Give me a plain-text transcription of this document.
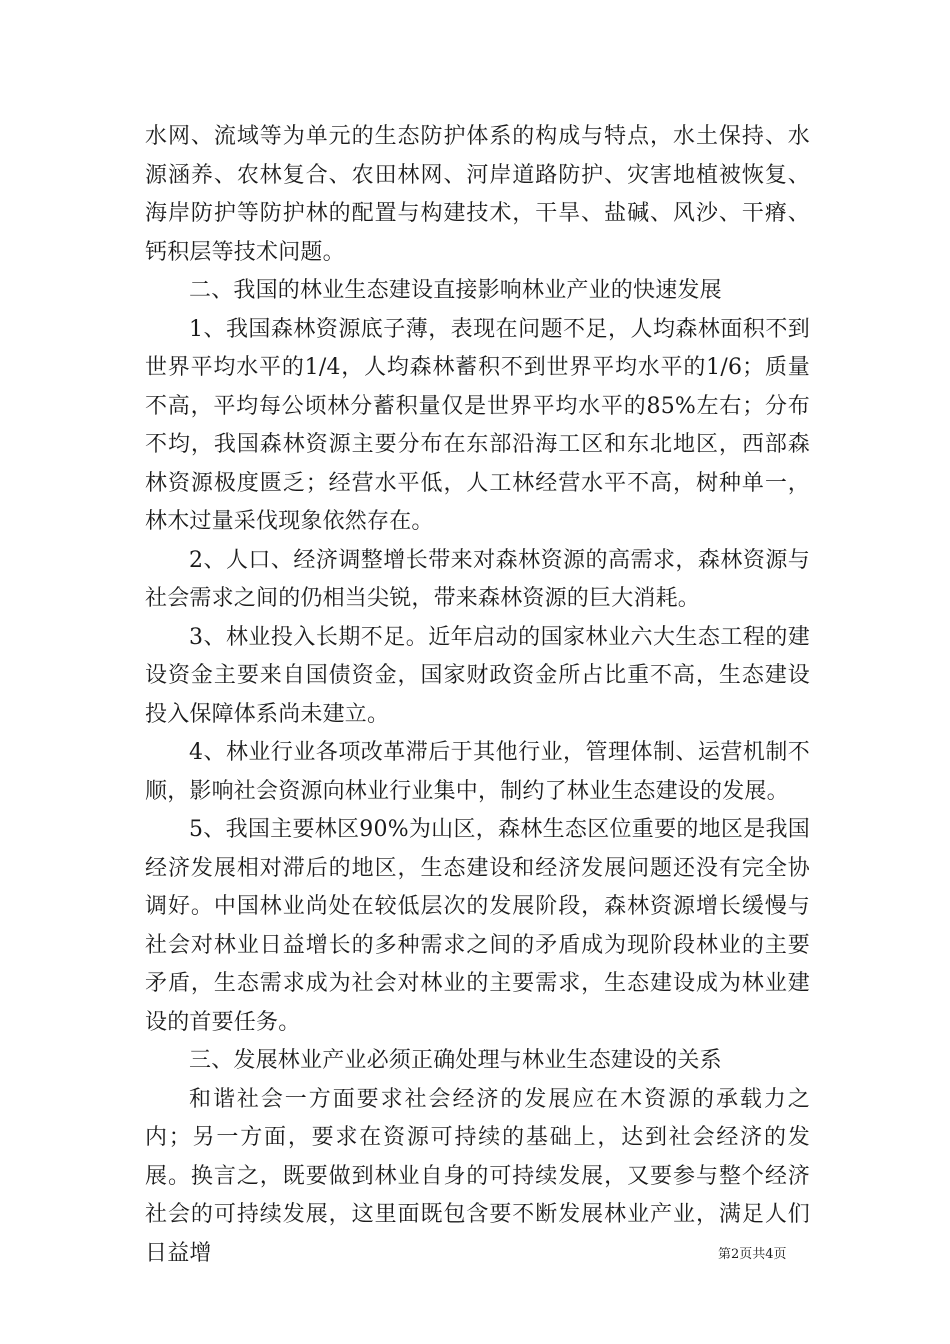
水网、流域等为单元的生态防护体系的构成与特点，水土保持、水源涵养、农林复合、农田林网、河岸道路防护、灾害地植被恢复、海岸防护等防护林的配置与构建技术，干旱、盐碱、风沙、干瘠、钙积层等技术问题。

二、我国的林业生态建设直接影响林业产业的快速发展

1、我国森林资源底子薄，表现在问题不足，人均森林面积不到世界平均水平的1/4，人均森林蓄积不到世界平均水平的1/6；质量不高，平均每公顷林分蓄积量仅是世界平均水平的85%左右；分布不均，我国森林资源主要分布在东部沿海工区和东北地区，西部森林资源极度匮乏；经营水平低，人工林经营水平不高，树种单一，林木过量采伐现象依然存在。

2、人口、经济调整增长带来对森林资源的高需求，森林资源与社会需求之间的仍相当尖锐，带来森林资源的巨大消耗。

3、林业投入长期不足。近年启动的国家林业六大生态工程的建设资金主要来自国债资金，国家财政资金所占比重不高，生态建设投入保障体系尚未建立。

4、林业行业各项改革滞后于其他行业，管理体制、运营机制不顺，影响社会资源向林业行业集中，制约了林业生态建设的发展。

5、我国主要林区90%为山区，森林生态区位重要的地区是我国经济发展相对滞后的地区，生态建设和经济发展问题还没有完全协调好。中国林业尚处在较低层次的发展阶段，森林资源增长缓慢与社会对林业日益增长的多种需求之间的矛盾成为现阶段林业的主要矛盾，生态需求成为社会对林业的主要需求，生态建设成为林业建设的首要任务。

三、发展林业产业必须正确处理与林业生态建设的关系

和谐社会一方面要求社会经济的发展应在木资源的承载力之内；另一方面，要求在资源可持续的基础上，达到社会经济的发展。换言之，既要做到林业自身的可持续发展，又要参与整个经济社会的可持续发展，这里面既包含要不断发展林业产业，满足人们日益增	第2页共4页
